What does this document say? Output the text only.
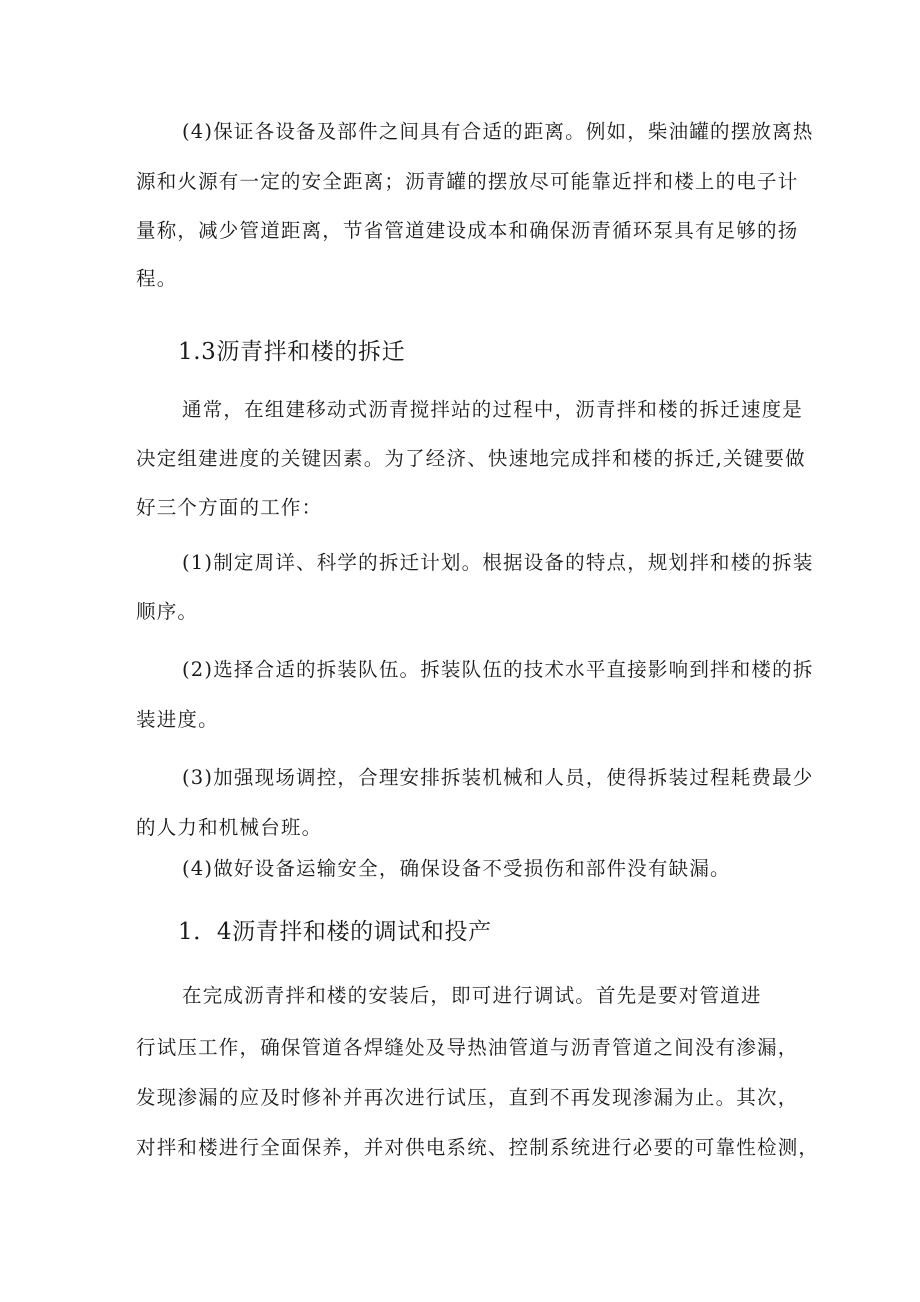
(4)保证各设备及部件之间具有合适的距离。例如，柴油罐的摆放离热
源和火源有一定的安全距离；沥青罐的摆放尽可能靠近拌和楼上的电子计
量称，减少管道距离，节省管道建设成本和确保沥青循环泵具有足够的扬
程。
1.3沥青拌和楼的拆迁
通常，在组建移动式沥青搅拌站的过程中，沥青拌和楼的拆迁速度是
决定组建进度的关键因素。为了经济、快速地完成拌和楼的拆迁,关键要做
好三个方面的工作：
(1)制定周详、科学的拆迁计划。根据设备的特点，规划拌和楼的拆装
顺序。
(2)选择合适的拆装队伍。拆装队伍的技术水平直接影响到拌和楼的拆
装进度。
(3)加强现场调控，合理安排拆装机械和人员，使得拆装过程耗费最少
的人力和机械台班。
(4)做好设备运输安全，确保设备不受损伤和部件没有缺漏。
1．4沥青拌和楼的调试和投产
在完成沥青拌和楼的安装后，即可进行调试。首先是要对管道进
行试压工作，确保管道各焊缝处及导热油管道与沥青管道之间没有渗漏，
发现渗漏的应及时修补并再次进行试压，直到不再发现渗漏为止。其次，
对拌和楼进行全面保养，并对供电系统、控制系统进行必要的可靠性检测，
